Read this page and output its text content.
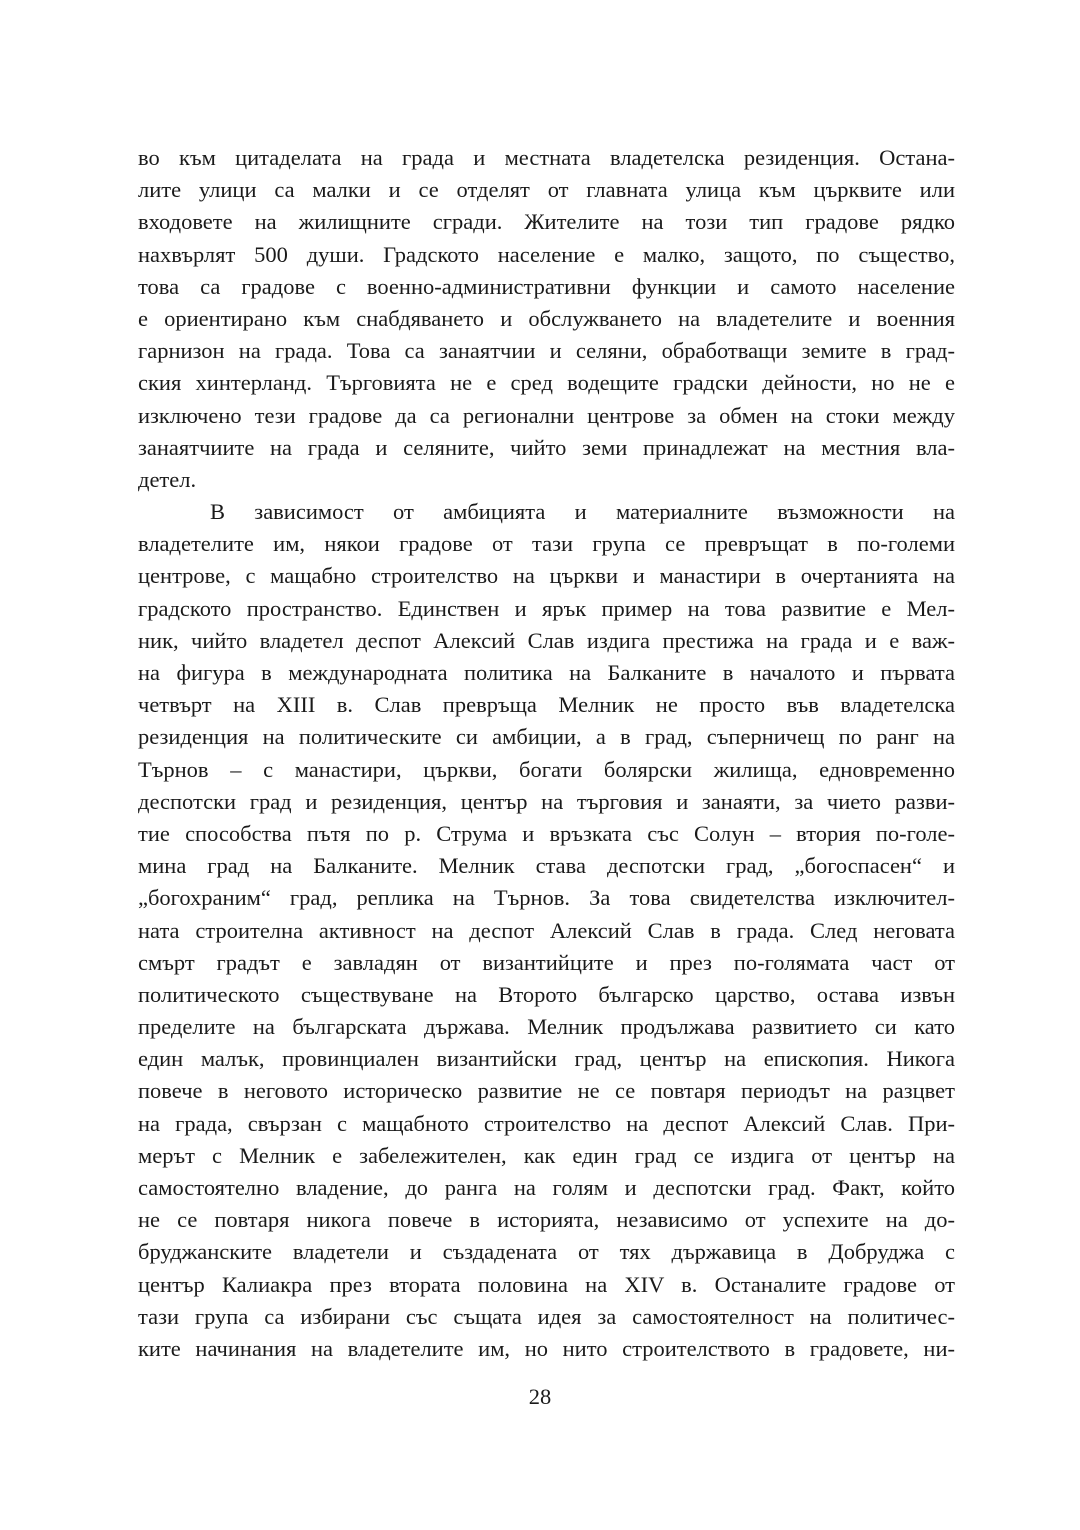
во към цитаделата на града и местната владетелска резиденция. Остана-
лите улици са малки и се отделят от главната улица към църквите или
входовете на жилищните сгради. Жителите на този тип градове рядко
нахвърлят 500 души. Градското население е малко, защото, по същество,
това са градове с военно-административни функции и самото население
е ориентирано към снабдяването и обслужването на владетелите и военния
гарнизон на града. Това са занаятчии и селяни, обработващи земите в град-
ския хинтерланд. Търговията не е сред водещите градски дейности, но не е
изключено тези градове да са регионални центрове за обмен на стоки между
занаятчиите на града и селяните, чийто земи принадлежат на местния вла-
детел.
В зависимост от амбицията и материалните възможности на
владетелите им, някои градове от тази група се превръщат в по-големи
центрове, с мащабно строителство на църкви и манастири в очертанията на
градското пространство. Единствен и ярък пример на това развитие е Мел-
ник, чийто владетел деспот Алексий Слав издига престижа на града и е важ-
на фигура в международната политика на Балканите в началото и първата
четвърт на XIII в. Слав превръща Мелник не просто във владетелска
резиденция на политическите си амбиции, а в град, съперничещ по ранг на
Търнов – с манастири, църкви, богати болярски жилища, едновременно
деспотски град и резиденция, център на търговия и занаяти, за чието разви-
тие способства пътя по р. Струма и връзката със Солун – втория по-голе-
мина град на Балканите. Мелник става деспотски град, „богоспасен“ и
„богохраним“ град, реплика на Търнов. За това свидетелства изключител-
ната строителна активност на деспот Алексий Слав в града. След неговата
смърт градът е завладян от византийците и през по-голямата част от
политическото съществуване на Второто българско царство, остава извън
пределите на българската държава. Мелник продължава развитието си като
един малък, провинциален византийски град, център на епископия. Никога
повече в неговото историческо развитие не се повтаря периодът на разцвет
на града, свързан с мащабното строителство на деспот Алексий Слав. При-
мерът с Мелник е забележителен, как един град се издига от център на
самостоятелно владение, до ранга на голям и деспотски град. Факт, който
не се повтаря никога повече в историята, независимо от успехите на до-
бруджанските владетели и създадената от тях държавица в Добруджа с
център Калиакра през втората половина на XIV в. Останалите градове от
тази група са избирани със същата идея за самостоятелност на политичес-
ките начинания на владетелите им, но нито строителството в градовете, ни-
28
